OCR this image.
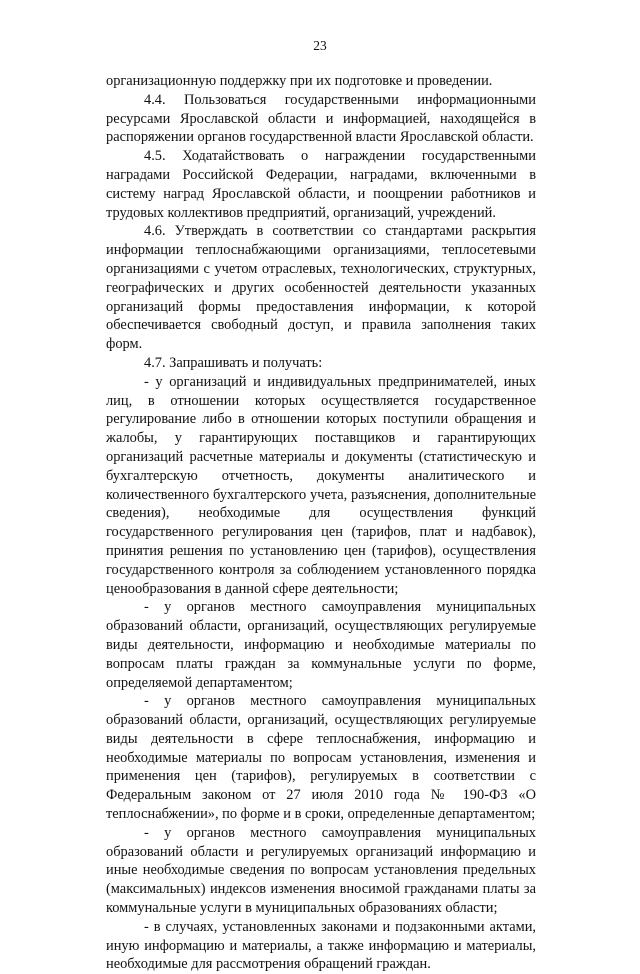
23

организационную поддержку при их подготовке и проведении.

4.4. Пользоваться государственными информационными ресурсами Ярославской области и информацией, находящейся в распоряжении органов государственной власти Ярославской области.

4.5. Ходатайствовать о награждении государственными наградами Российской Федерации, наградами, включенными в систему наград Ярославской области, и поощрении работников и трудовых коллективов предприятий, организаций, учреждений.

4.6. Утверждать в соответствии со стандартами раскрытия информации теплоснабжающими организациями, теплосетевыми организациями с учетом отраслевых, технологических, структурных, географических и других особенностей деятельности указанных организаций формы предоставления информации, к которой обеспечивается свободный доступ, и правила заполнения таких форм.

4.7. Запрашивать и получать:

- у организаций и индивидуальных предпринимателей, иных лиц, в отношении которых осуществляется государственное регулирование либо в отношении которых поступили обращения и жалобы, у гарантирующих поставщиков и гарантирующих организаций расчетные материалы и документы (статистическую и бухгалтерскую отчетность, документы аналитического и количественного бухгалтерского учета, разъяснения, дополнительные сведения), необходимые для осуществления функций государственного регулирования цен (тарифов, плат и надбавок), принятия решения по установлению цен (тарифов), осуществления государственного контроля за соблюдением установленного порядка ценообразования в данной сфере деятельности;

- у органов местного самоуправления муниципальных образований области, организаций, осуществляющих регулируемые виды деятельности, информацию и необходимые материалы по вопросам платы граждан за коммунальные услуги по форме, определяемой департаментом;

- у органов местного самоуправления муниципальных образований области, организаций, осуществляющих регулируемые виды деятельности в сфере теплоснабжения, информацию и необходимые материалы по вопросам установления, изменения и применения цен (тарифов), регулируемых в соответствии с Федеральным законом от 27 июля 2010 года № 190-ФЗ «О теплоснабжении», по форме и в сроки, определенные департаментом;

- у органов местного самоуправления муниципальных образований области и регулируемых организаций информацию и иные необходимые сведения по вопросам установления предельных (максимальных) индексов изменения вносимой гражданами платы за коммунальные услуги в муниципальных образованиях области;

- в случаях, установленных законами и подзаконными актами, иную информацию и материалы, а также информацию и материалы, необходимые для рассмотрения обращений граждан.
